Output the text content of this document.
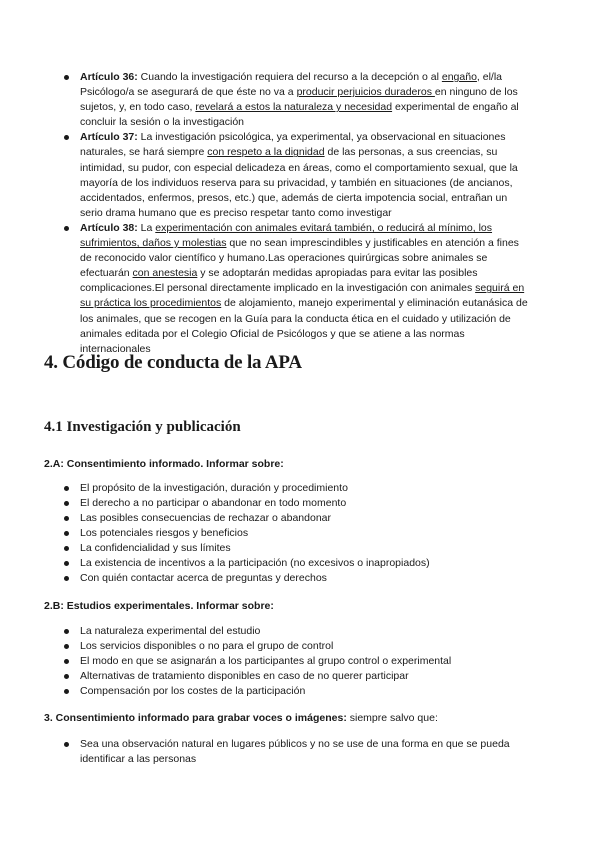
Artículo 36: Cuando la investigación requiera del recurso a la decepción o al engaño, el/la Psicólogo/a se asegurará de que éste no va a producir perjuicios duraderos en ninguno de los sujetos, y, en todo caso, revelará a estos la naturaleza y necesidad experimental de engaño al concluir la sesión o la investigación

Artículo 37: La investigación psicológica, ya experimental, ya observacional en situaciones naturales, se hará siempre con respeto a la dignidad de las personas, a sus creencias, su intimidad, su pudor, con especial delicadeza en áreas, como el comportamiento sexual, que la mayoría de los individuos reserva para su privacidad, y también en situaciones (de ancianos, accidentados, enfermos, presos, etc.) que, además de cierta impotencia social, entrañan un serio drama humano que es preciso respetar tanto como investigar

Artículo 38: La experimentación con animales evitará también, o reducirá al mínimo, los sufrimientos, daños y molestias que no sean imprescindibles y justificables en atención a fines de reconocido valor científico y humano.Las operaciones quirúrgicas sobre animales se efectuarán con anestesia y se adoptarán medidas apropiadas para evitar las posibles complicaciones.El personal directamente implicado en la investigación con animales seguirá en su práctica los procedimientos de alojamiento, manejo experimental y eliminación eutanásica de los animales, que se recogen en la Guía para la conducta ética en el cuidado y utilización de animales editada por el Colegio Oficial de Psicólogos y que se atiene a las normas internacionales

4. Código de conducta de la APA
4.1 Investigación y publicación
2.A: Consentimiento informado. Informar sobre:
El propósito de la investigación, duración y procedimiento
El derecho a no participar o abandonar en todo momento
Las posibles consecuencias de rechazar o abandonar
Los potenciales riesgos y beneficios
La confidencialidad y sus límites
La existencia de incentivos a la participación (no excesivos o inapropiados)
Con quién contactar acerca de preguntas y derechos
2.B: Estudios experimentales. Informar sobre:
La naturaleza experimental del estudio
Los servicios disponibles o no para el grupo de control
El modo en que se asignarán a los participantes al grupo control o experimental
Alternativas de tratamiento disponibles en caso de no querer participar
Compensación por los costes de la participación
3. Consentimiento informado para grabar voces o imágenes: siempre salvo que:
Sea una observación natural en lugares públicos y no se use de una forma en que se pueda identificar a las personas
